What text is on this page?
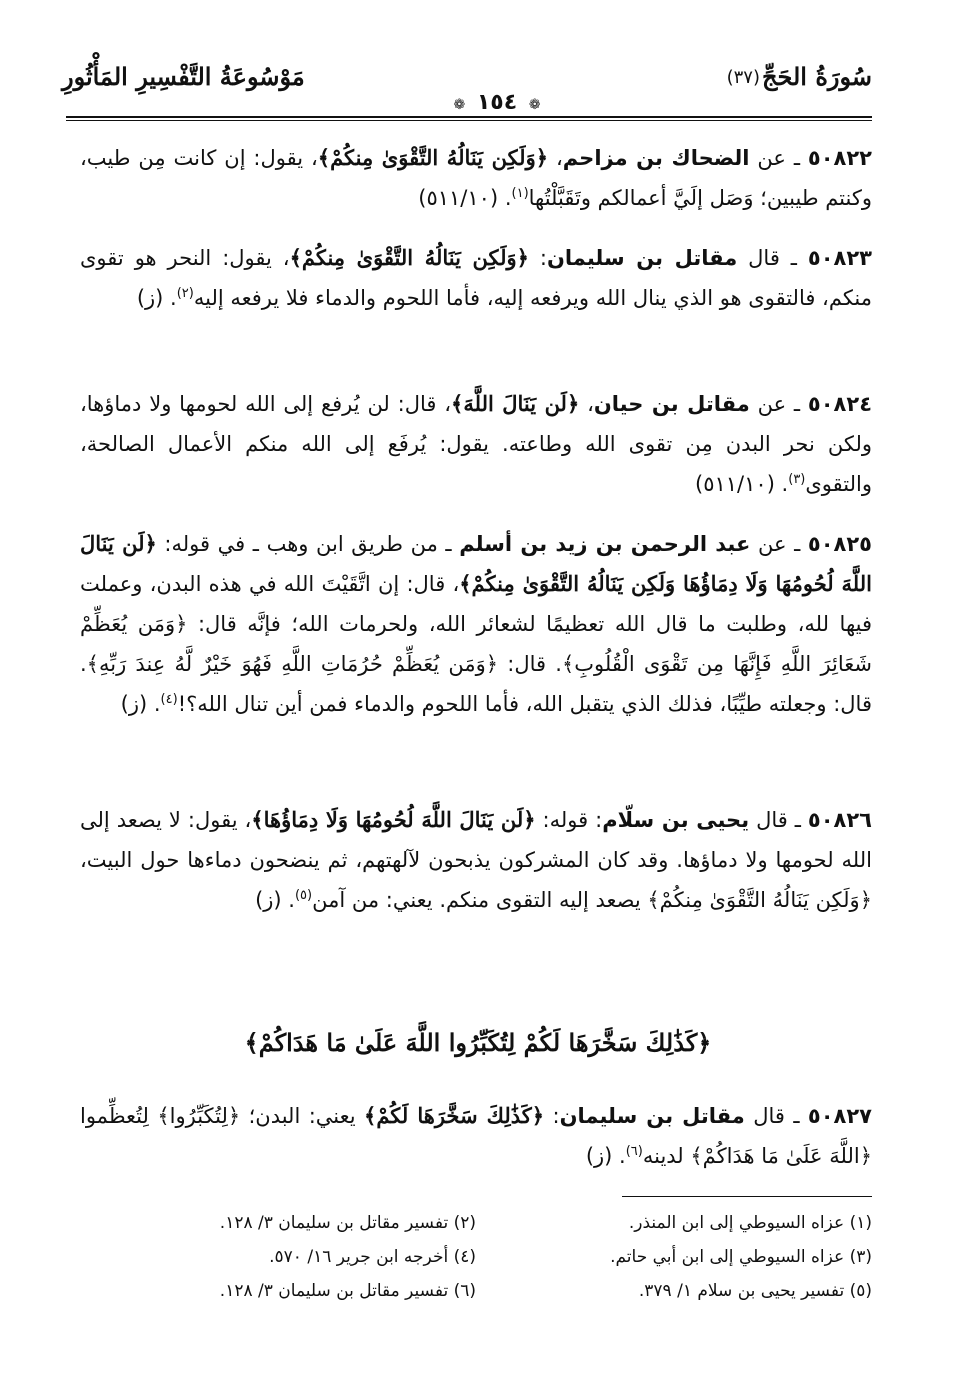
سُورَةُ الحَجِّ
(٣٧)
❁ ١٥٤ ❁
مَوْسُوعَةُ التَّفْسِيرِ المَأْثُورِ
٥٠٨٢٢ ـ عن الضحاك بن مزاحم، ﴿وَلَكِن يَنَالُهُ التَّقْوَىٰ مِنكُمْ﴾، يقول: إن كانت مِن طيب، وكنتم طيبين؛ وَصَل إلَيَّ أعمالكم وتَقَبَّلْتُها$^{(١)}$. (٥١١/١٠)
٥٠٨٢٣ ـ قال مقاتل بن سليمان: ﴿وَلَكِن يَنَالُهُ التَّقْوَىٰ مِنكُمْ﴾، يقول: النحر هو تقوى منكم، فالتقوى هو الذي ينال الله ويرفعه إليه، فأما اللحوم والدماء فلا يرفعه إليه$^{(٢)}$. (ز)
٥٠٨٢٤ ـ عن مقاتل بن حيان، ﴿لَن يَنَالَ اللَّهَ﴾، قال: لن يُرفع إلى الله لحومها ولا دماؤها، ولكن نحر البدن مِن تقوى الله وطاعته. يقول: يُرفَع إلى الله منكم الأعمال الصالحة، والتقوى$^{(٣)}$. (٥١١/١٠)
٥٠٨٢٥ ـ عن عبد الرحمن بن زيد بن أسلم ـ من طريق ابن وهب ـ في قوله: ﴿لَن يَنَالَ اللَّهَ لُحُومُهَا وَلَا دِمَاؤُهَا وَلَكِن يَنَالُهُ التَّقْوَىٰ مِنكُمْ﴾، قال: إن اتَّقَيْتَ الله في هذه البدن، وعملت فيها لله، وطلبت ما قال الله تعظيمًا لشعائر الله، ولحرمات الله؛ فإنَّه قال: ﴿وَمَن يُعَظِّمْ شَعَائِرَ اللَّهِ فَإِنَّهَا مِن تَقْوَى الْقُلُوبِ﴾. قال: ﴿وَمَن يُعَظِّمْ حُرُمَاتِ اللَّهِ فَهُوَ خَيْرٌ لَّهُ عِندَ رَبِّهِ﴾. قال: وجعلته طيِّبًا، فذلك الذي يتقبل الله، فأما اللحوم والدماء فمن أين تنال الله؟!$^{(٤)}$. (ز)
٥٠٨٢٦ ـ قال يحيى بن سلّام: قوله: ﴿لَن يَنَالَ اللَّهَ لُحُومُهَا وَلَا دِمَاؤُهَا﴾، يقول: لا يصعد إلى الله لحومها ولا دماؤها. وقد كان المشركون يذبحون لآلهتهم، ثم ينضحون دماءها حول البيت، ﴿وَلَكِن يَنَالُهُ التَّقْوَىٰ مِنكُمْ﴾ يصعد إليه التقوى منكم. يعني: من آمن$^{(٥)}$. (ز)
﴿كَذَٰلِكَ سَخَّرَهَا لَكُمْ لِتُكَبِّرُوا اللَّهَ عَلَىٰ مَا هَدَاكُمْ﴾
٥٠٨٢٧ ـ قال مقاتل بن سليمان: ﴿كَذَٰلِكَ سَخَّرَهَا لَكُمْ﴾ يعني: البدن؛ ﴿لِتُكَبِّرُوا﴾ لِتُعظِّموا ﴿اللَّهَ عَلَىٰ مَا هَدَاكُمْ﴾ لدينه$^{(٦)}$. (ز)
(١) عزاه السيوطي إلى ابن المنذر.
(٣) عزاه السيوطي إلى ابن أبي حاتم.
(٥) تفسير يحيى بن سلام ١/ ٣٧٩.
(٢) تفسير مقاتل بن سليمان ٣/ ١٢٨.
(٤) أخرجه ابن جرير ١٦/ ٥٧٠.
(٦) تفسير مقاتل بن سليمان ٣/ ١٢٨.
